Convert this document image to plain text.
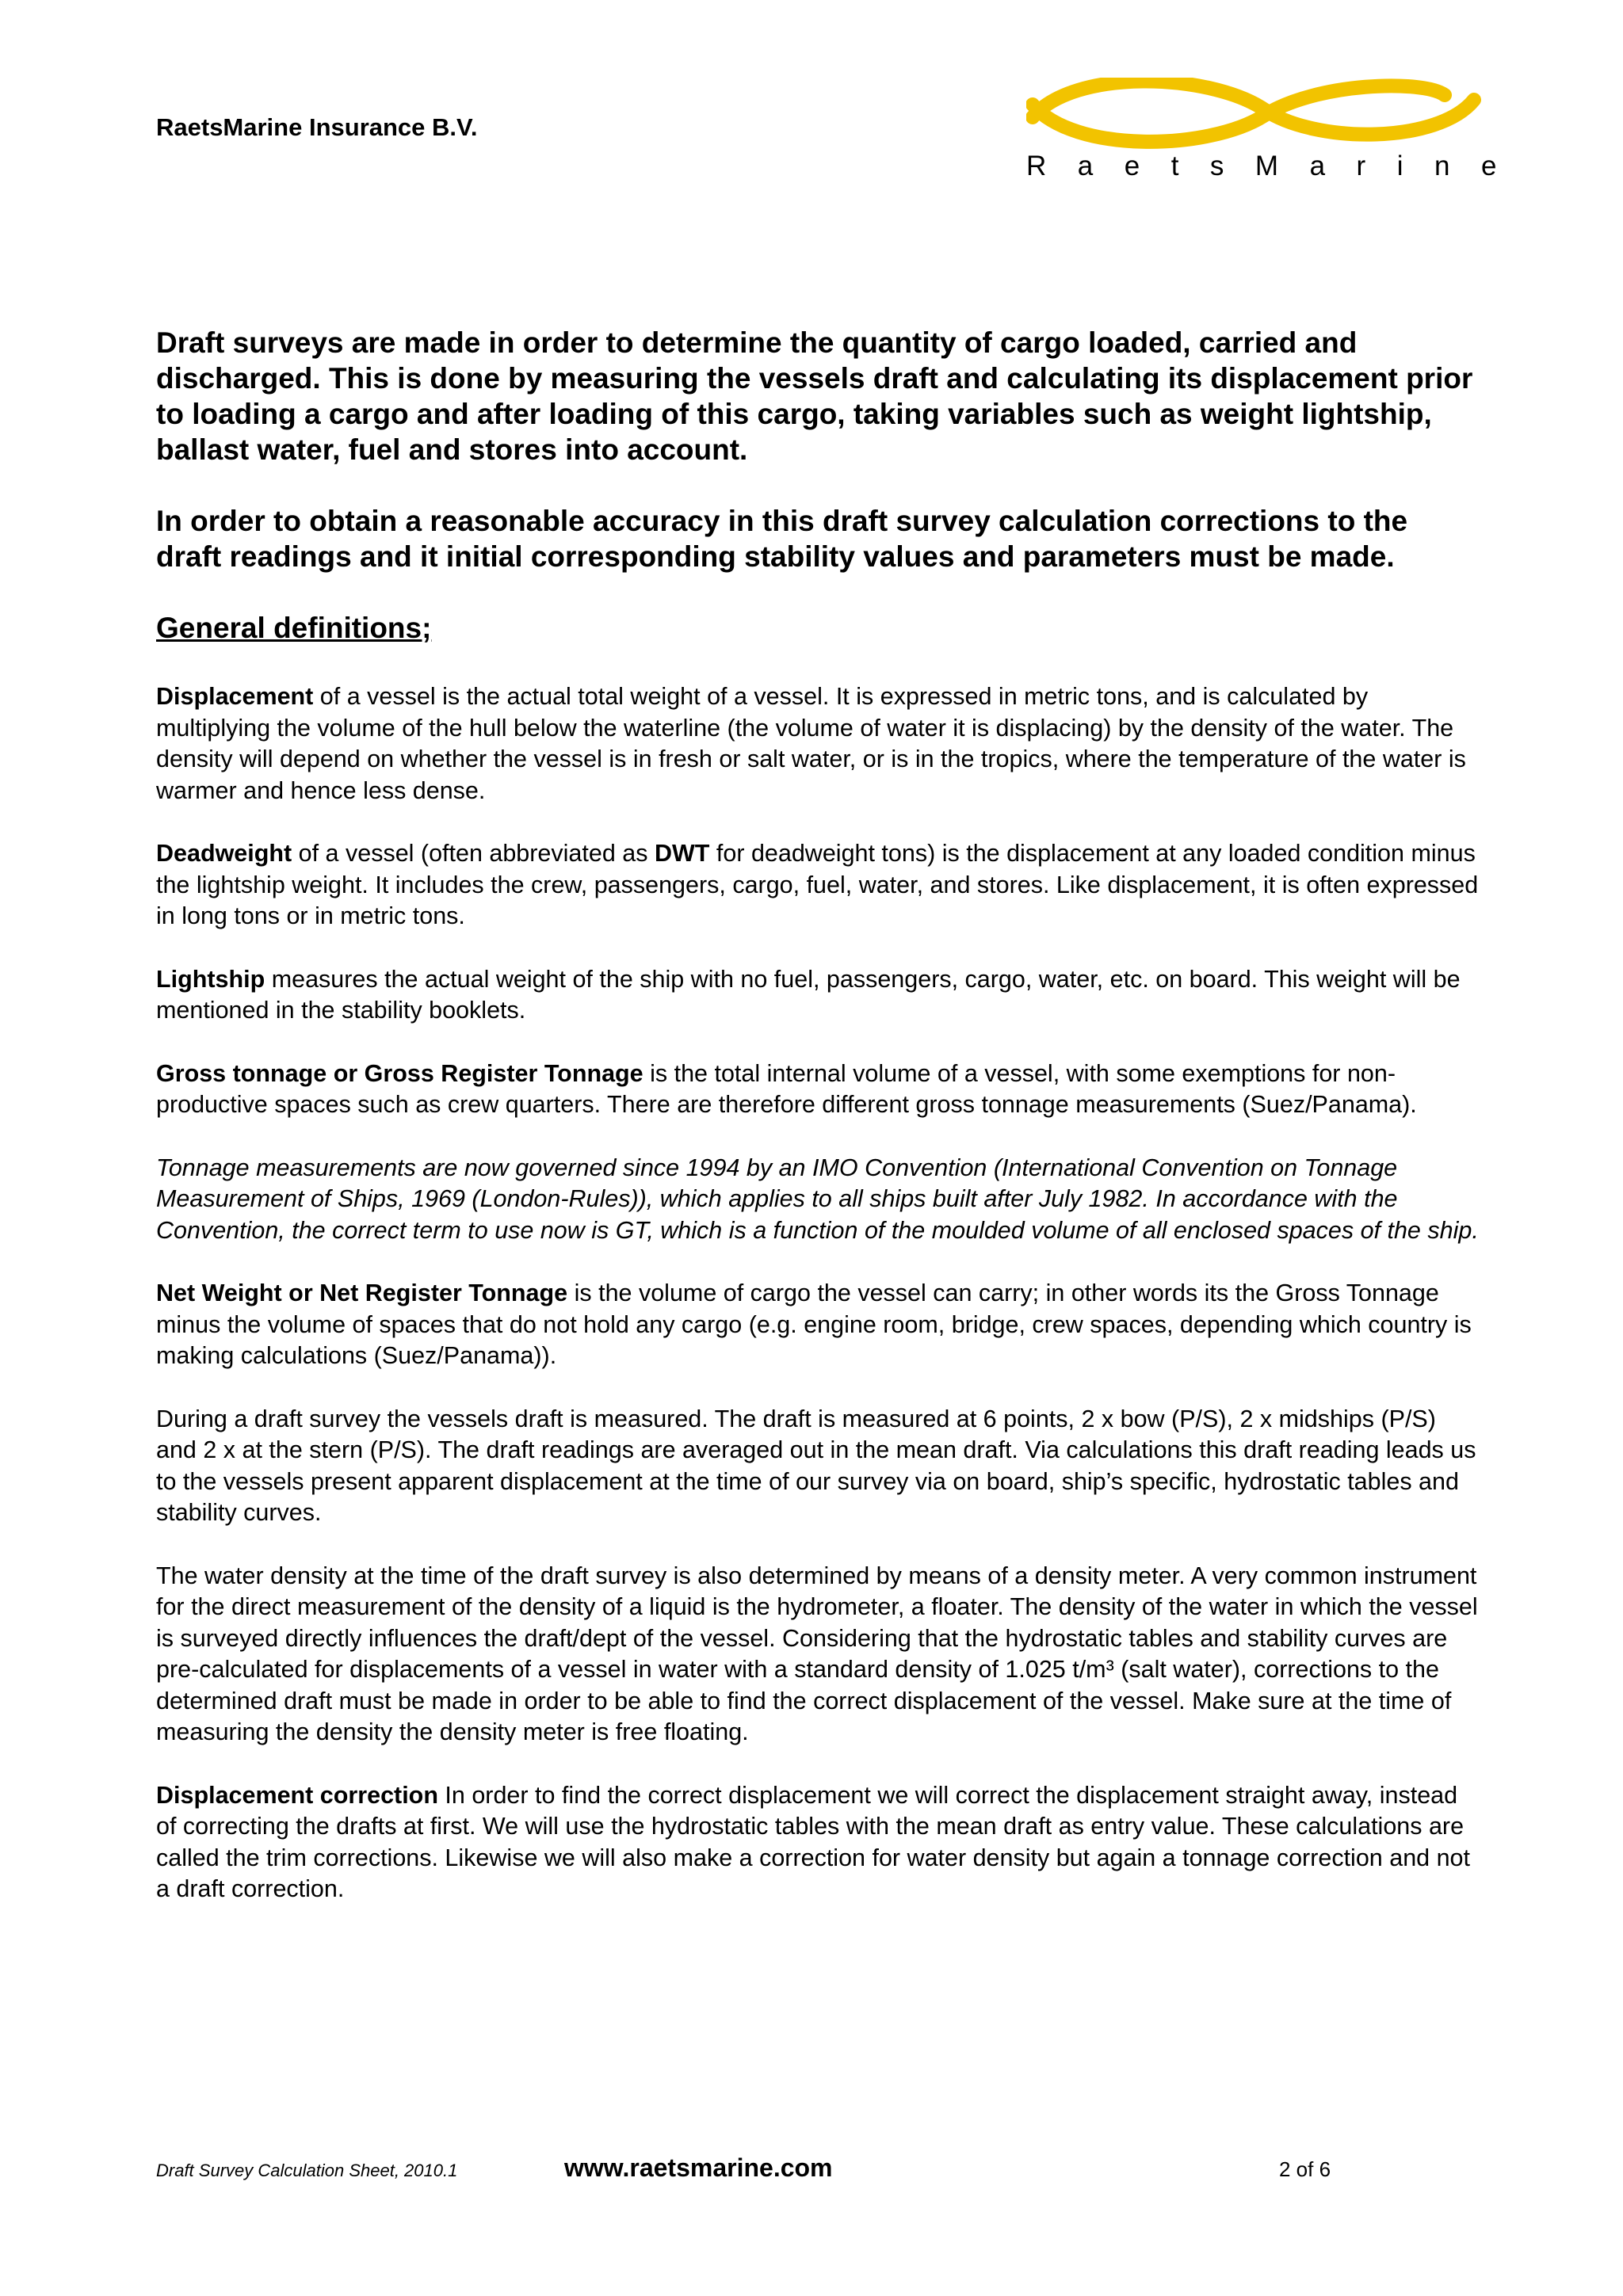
RaetsMarine Insurance B.V.
RaetsMarine

Draft surveys are made in order to determine the quantity of cargo loaded, carried and discharged. This is done by measuring the vessels draft and calculating its displacement prior to loading a cargo and after loading of this cargo, taking variables such as weight lightship, ballast water, fuel and stores into account.

In order to obtain a reasonable accuracy in this draft survey calculation corrections to the draft readings and it initial corresponding stability values and parameters must be made.

General definitions;

Displacement of a vessel is the actual total weight of a vessel. It is expressed in metric tons, and is calculated by multiplying the volume of the hull below the waterline (the volume of water it is displacing) by the density of the water. The density will depend on whether the vessel is in fresh or salt water, or is in the tropics, where the temperature of the water is warmer and hence less dense.

Deadweight of a vessel (often abbreviated as DWT for deadweight tons) is the displacement at any loaded condition minus the lightship weight. It includes the crew, passengers, cargo, fuel, water, and stores. Like displacement, it is often expressed in long tons or in metric tons.

Lightship measures the actual weight of the ship with no fuel, passengers, cargo, water, etc. on board. This weight will be mentioned in the stability booklets.

Gross tonnage or Gross Register Tonnage is the total internal volume of a vessel, with some exemptions for non-productive spaces such as crew quarters. There are therefore different gross tonnage measurements (Suez/Panama).

Tonnage measurements are now governed since 1994 by an IMO Convention (International Convention on Tonnage Measurement of Ships, 1969 (London-Rules)), which applies to all ships built after July 1982. In accordance with the Convention, the correct term to use now is GT, which is a function of the moulded volume of all enclosed spaces of the ship.

Net Weight or Net Register Tonnage is the volume of cargo the vessel can carry; in other words its the Gross Tonnage minus the volume of spaces that do not hold any cargo (e.g. engine room, bridge, crew spaces, depending which country is making calculations (Suez/Panama)).

During a draft survey the vessels draft is measured. The draft is measured at 6 points, 2 x bow (P/S), 2 x midships (P/S) and 2 x at the stern (P/S). The draft readings are averaged out in the mean draft. Via calculations this draft reading leads us to the vessels present apparent displacement at the time of our survey via on board, ship’s specific, hydrostatic tables and stability curves.

The water density at the time of the draft survey is also determined by means of a density meter. A very common instrument for the direct measurement of the density of a liquid is the hydrometer, a floater. The density of the water in which the vessel is surveyed directly influences the draft/dept of the vessel. Considering that the hydrostatic tables and stability curves are pre-calculated for displacements of a vessel in water with a standard density of 1.025 t/m³ (salt water), corrections to the determined draft must be made in order to be able to find the correct displacement of the vessel. Make sure at the time of measuring the density the density meter is free floating.

Displacement correction In order to find the correct displacement we will correct the displacement straight away, instead of correcting the drafts at first. We will use the hydrostatic tables with the mean draft as entry value. These calculations are called the trim corrections. Likewise we will also make a correction for water density but again a tonnage correction and not a draft correction.

Draft Survey Calculation Sheet, 2010.1	www.raetsmarine.com	2 of 6
